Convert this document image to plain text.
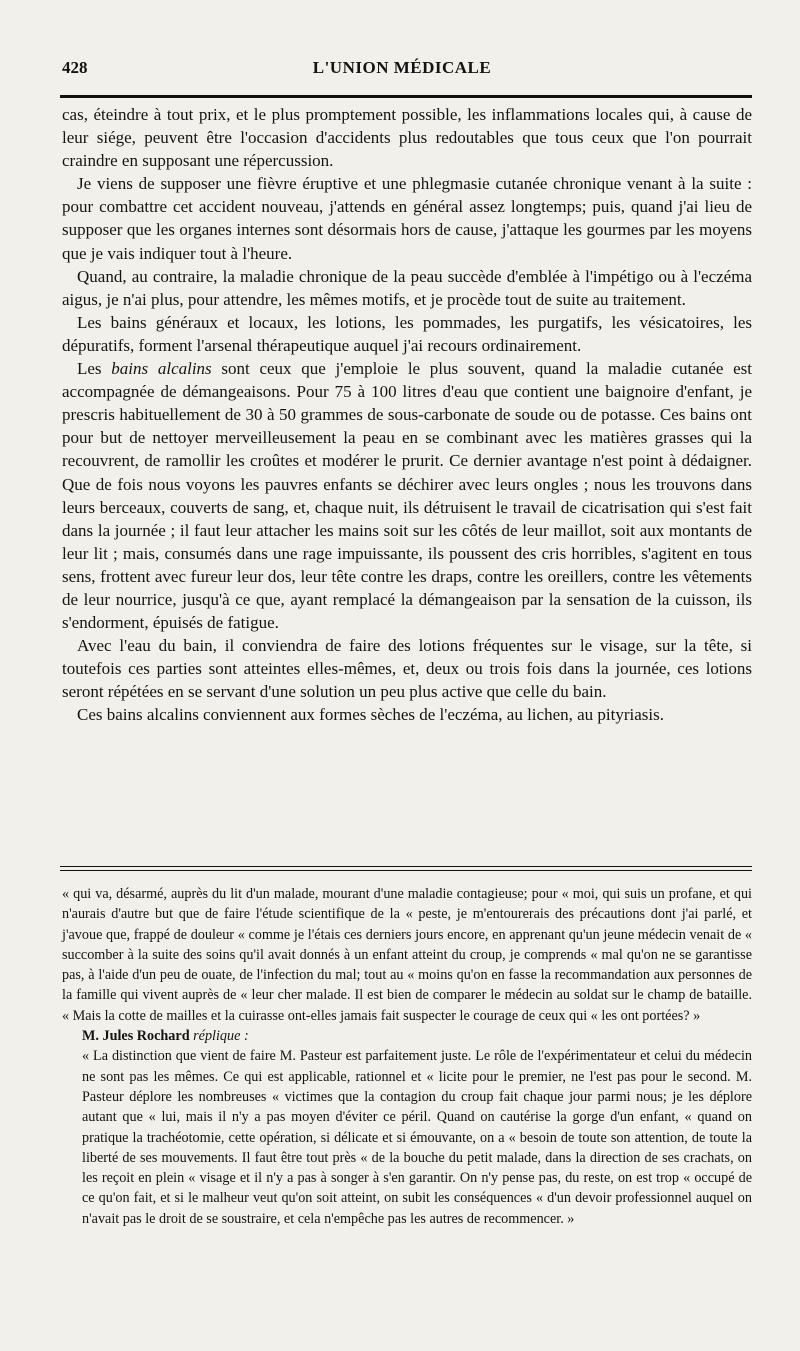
428	L'UNION MÉDICALE

cas, éteindre à tout prix, et le plus promptement possible, les inflammations locales qui, à cause de leur siége, peuvent être l'occasion d'accidents plus redoutables que tous ceux que l'on pourrait craindre en supposant une répercussion.

Je viens de supposer une fièvre éruptive et une phlegmasie cutanée chronique venant à la suite : pour combattre cet accident nouveau, j'attends en général assez longtemps; puis, quand j'ai lieu de supposer que les organes internes sont désormais hors de cause, j'attaque les gourmes par les moyens que je vais indiquer tout à l'heure.

Quand, au contraire, la maladie chronique de la peau succède d'emblée à l'impétigo ou à l'eczéma aigus, je n'ai plus, pour attendre, les mêmes motifs, et je procède tout de suite au traitement.

Les bains généraux et locaux, les lotions, les pommades, les purgatifs, les vésicatoires, les dépuratifs, forment l'arsenal thérapeutique auquel j'ai recours ordinairement.

Les bains alcalins sont ceux que j'emploie le plus souvent, quand la maladie cutanée est accompagnée de démangeaisons. Pour 75 à 100 litres d'eau que contient une baignoire d'enfant, je prescris habituellement de 30 à 50 grammes de sous-carbonate de soude ou de potasse. Ces bains ont pour but de nettoyer merveilleusement la peau en se combinant avec les matières grasses qui la recouvrent, de ramollir les croûtes et modérer le prurit. Ce dernier avantage n'est point à dédaigner. Que de fois nous voyons les pauvres enfants se déchirer avec leurs ongles ; nous les trouvons dans leurs berceaux, couverts de sang, et, chaque nuit, ils détruisent le travail de cicatrisation qui s'est fait dans la journée ; il faut leur attacher les mains soit sur les côtés de leur maillot, soit aux montants de leur lit ; mais, consumés dans une rage impuissante, ils poussent des cris horribles, s'agitent en tous sens, frottent avec fureur leur dos, leur tête contre les draps, contre les oreillers, contre les vêtements de leur nourrice, jusqu'à ce que, ayant remplacé la démangeaison par la sensation de la cuisson, ils s'endorment, épuisés de fatigue.

Avec l'eau du bain, il conviendra de faire des lotions fréquentes sur le visage, sur la tête, si toutefois ces parties sont atteintes elles-mêmes, et, deux ou trois fois dans la journée, ces lotions seront répétées en se servant d'une solution un peu plus active que celle du bain.

Ces bains alcalins conviennent aux formes sèches de l'eczéma, au lichen, au pityriasis.

« qui va, désarmé, auprès du lit d'un malade, mourant d'une maladie contagieuse; pour « moi, qui suis un profane, et qui n'aurais d'autre but que de faire l'étude scientifique de la « peste, je m'entourerais des précautions dont j'ai parlé, et j'avoue que, frappé de douleur « comme je l'étais ces derniers jours encore, en apprenant qu'un jeune médecin venait de « succomber à la suite des soins qu'il avait donnés à un enfant atteint du croup, je comprends « mal qu'on ne se garantisse pas, à l'aide d'un peu de ouate, de l'infection du mal; tout au « moins qu'on en fasse la recommandation aux personnes de la famille qui vivent auprès de « leur cher malade. Il est bien de comparer le médecin au soldat sur le champ de bataille. « Mais la cotte de mailles et la cuirasse ont-elles jamais fait suspecter le courage de ceux qui « les ont portées? »

M. Jules Rochard réplique :

« La distinction que vient de faire M. Pasteur est parfaitement juste. Le rôle de l'expérimentateur et celui du médecin ne sont pas les mêmes. Ce qui est applicable, rationnel et « licite pour le premier, ne l'est pas pour le second. M. Pasteur déplore les nombreuses « victimes que la contagion du croup fait chaque jour parmi nous; je les déplore autant que « lui, mais il n'y a pas moyen d'éviter ce péril. Quand on cautérise la gorge d'un enfant, « quand on pratique la trachéotomie, cette opération, si délicate et si émouvante, on a « besoin de toute son attention, de toute la liberté de ses mouvements. Il faut être tout près « de la bouche du petit malade, dans la direction de ses crachats, on les reçoit en plein « visage et il n'y a pas à songer à s'en garantir. On n'y pense pas, du reste, on est trop « occupé de ce qu'on fait, et si le malheur veut qu'on soit atteint, on subit les conséquences « d'un devoir professionnel auquel on n'avait pas le droit de se soustraire, et cela n'empêche pas les autres de recommencer. »
